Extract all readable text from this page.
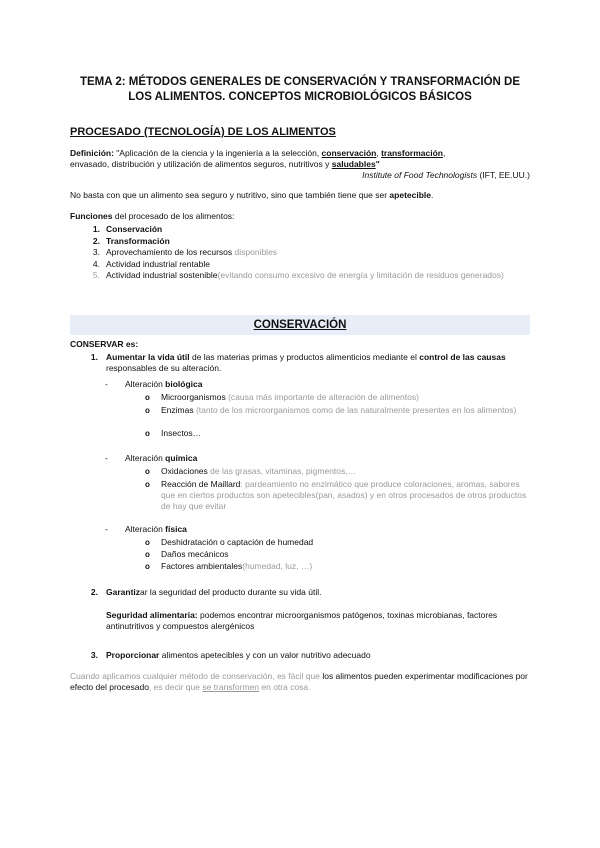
TEMA 2: MÉTODOS GENERALES DE CONSERVACIÓN Y TRANSFORMACIÓN DE
LOS ALIMENTOS. CONCEPTOS MICROBIOLÓGICOS BÁSICOS
PROCESADO (TECNOLOGÍA) DE LOS ALIMENTOS
Definición: "Aplicación de la ciencia y la ingeniería a la selección, conservación, transformación,
envasado, distribución y utilización de alimentos seguros, nutritivos y saludables"
Institute of Food Technologists (IFT, EE.UU.)
No basta con que un alimento sea seguro y nutritivo, sino que también tiene que ser apetecible.
Funciones del procesado de los alimentos:
1. Conservación
2. Transformación
3. Aprovechamiento de los recursos disponibles
4. Actividad industrial rentable
5. Actividad industrial sostenible(evitando consumo excesivo de energía y limitación de residuos generados)
CONSERVACIÓN
CONSERVAR es:
1. Aumentar la vida útil de las materias primas y productos alimenticios mediante el control de las causas responsables de su alteración.
- Alteración biológica
o Microorganismos (causa más importante de alteración de alimentos)
o Enzimas (tanto de los microorganismos como de las naturalmente presentes en los alimentos)
o Insectos…
- Alteración química
o Oxidaciones de las grasas, vitaminas, pigmentos,…
o Reacción de Maillard: pardeamiento no enzimático que produce coloraciones, aromas, sabores que en ciertos productos son apetecibles(pan, asados) y en otros procesados de otros productos de hay que evitar
- Alteración física
o Deshidratación o captación de humedad
o Daños mecánicos
o Factores ambientales(humedad, luz, …)
2. Garantizar la seguridad del producto durante su vida útil.
Seguridad alimentaria: podemos encontrar microorganismos patógenos, toxinas microbianas, factores antinutritivos y compuestos alergénicos
3. Proporcionar alimentos apetecibles y con un valor nutritivo adecuado
Cuando aplicamos cualquier método de conservación, es fácil que los alimentos pueden experimentar modificaciones por efecto del procesado, es decir que se transformen en otra cosa.
